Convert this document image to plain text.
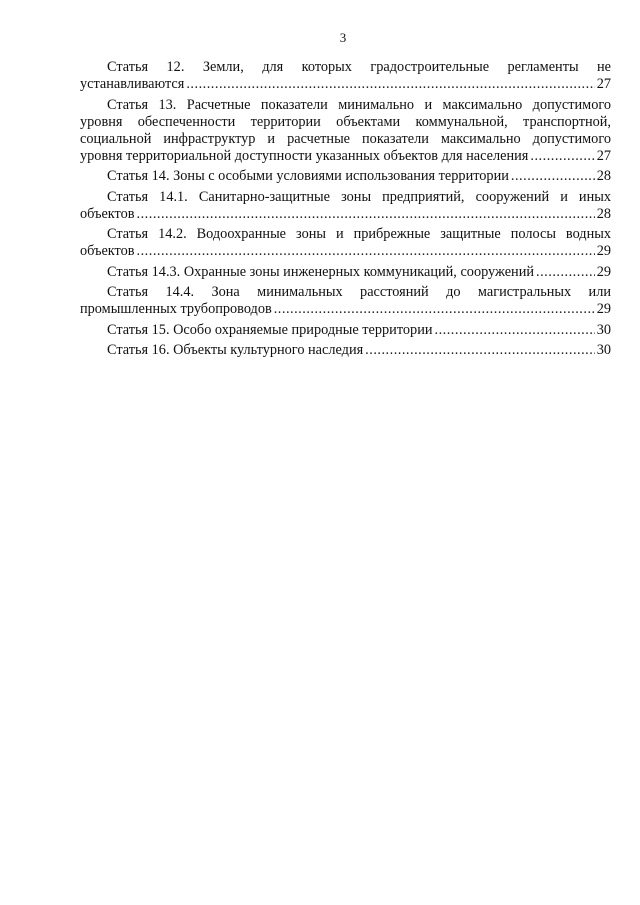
3
Статья 12. Земли, для которых градостроительные регламенты не
устанавливаются .....	27
Статья 13. Расчетные показатели минимально и максимально допустимого
уровня обеспеченности территории объектами коммунальной, транспортной,
социальной инфраструктур и расчетные показатели максимально допустимого
уровня территориальной доступности указанных объектов для населения .....	27
Статья 14. Зоны с особыми условиями использования территории .....	28
Статья 14.1. Санитарно-защитные зоны предприятий, сооружений и иных
объектов .....	28
Статья 14.2. Водоохранные зоны и прибрежные защитные полосы водных
объектов .....	29
Статья 14.3. Охранные зоны инженерных коммуникаций, сооружений .....	29
Статья 14.4. Зона минимальных расстояний до магистральных или
промышленных трубопроводов .....	29
Статья 15. Особо охраняемые природные территории .....	30
Статья 16. Объекты культурного наследия .....	30
